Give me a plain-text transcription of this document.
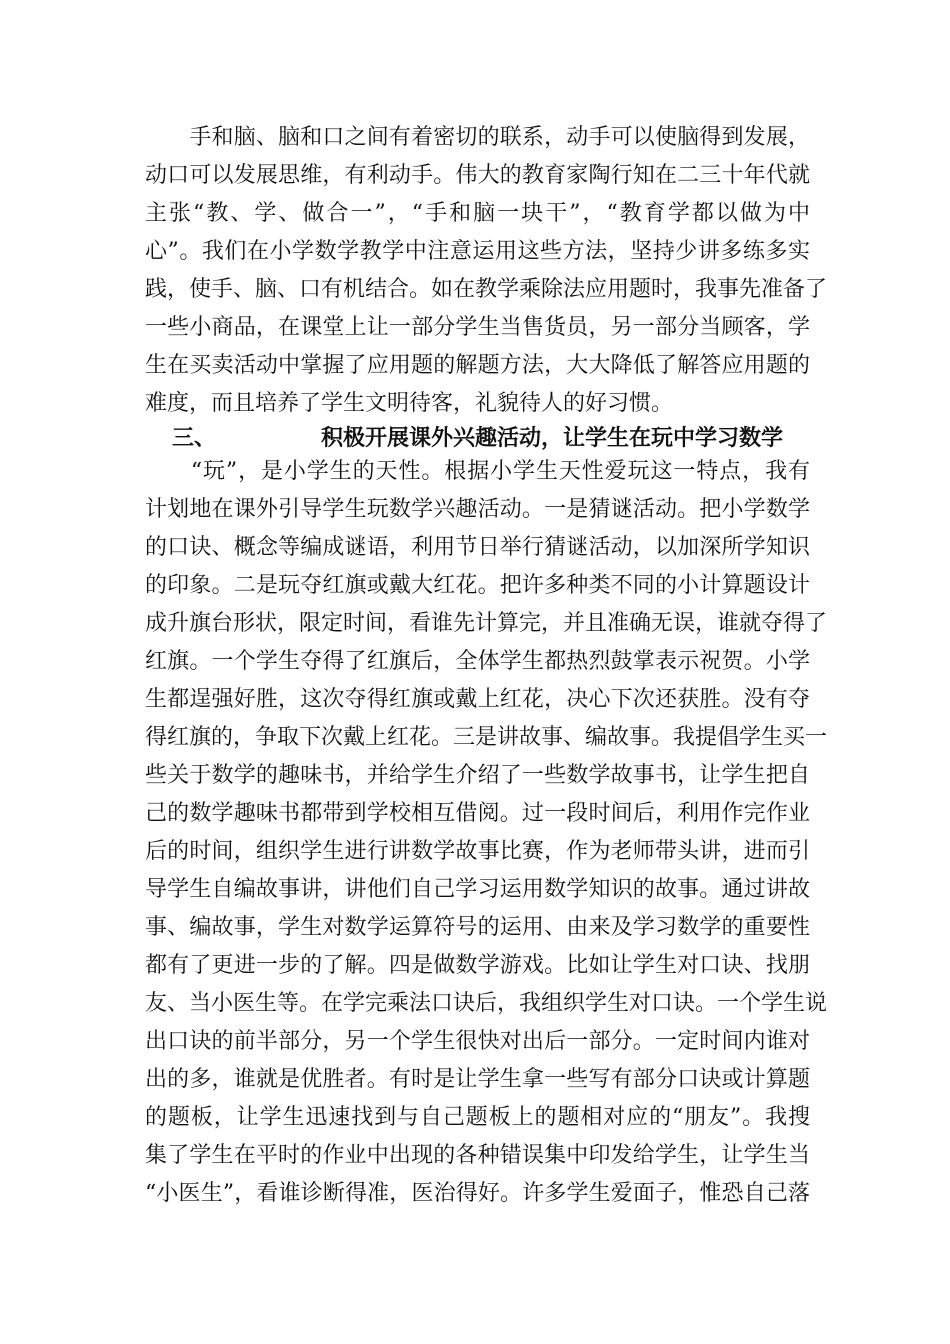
　　手和脑、脑和口之间有着密切的联系，动手可以使脑得到发展，
动口可以发展思维，有利动手。伟大的教育家陶行知在二三十年代就
主张“教、学、做合一”，“手和脑一块干”，“教育学都以做为中
心”。我们在小学数学教学中注意运用这些方法，坚持少讲多练多实
践，使手、脑、口有机结合。如在教学乘除法应用题时，我事先准备了
一些小商品，在课堂上让一部分学生当售货员，另一部分当顾客，学
生在买卖活动中掌握了应用题的解题方法，大大降低了解答应用题的
难度，而且培养了学生文明待客，礼貌待人的好习惯。
三、	积极开展课外兴趣活动，让学生在玩中学习数学
　　“玩”，是小学生的天性。根据小学生天性爱玩这一特点，我有
计划地在课外引导学生玩数学兴趣活动。一是猜谜活动。把小学数学
的口诀、概念等编成谜语，利用节日举行猜谜活动，以加深所学知识
的印象。二是玩夺红旗或戴大红花。把许多种类不同的小计算题设计
成升旗台形状，限定时间，看谁先计算完，并且准确无误，谁就夺得了
红旗。一个学生夺得了红旗后，全体学生都热烈鼓掌表示祝贺。小学
生都逞强好胜，这次夺得红旗或戴上红花，决心下次还获胜。没有夺
得红旗的，争取下次戴上红花。三是讲故事、编故事。我提倡学生买一
些关于数学的趣味书，并给学生介绍了一些数学故事书，让学生把自
己的数学趣味书都带到学校相互借阅。过一段时间后，利用作完作业
后的时间，组织学生进行讲数学故事比赛，作为老师带头讲，进而引
导学生自编故事讲，讲他们自己学习运用数学知识的故事。通过讲故
事、编故事，学生对数学运算符号的运用、由来及学习数学的重要性
都有了更进一步的了解。四是做数学游戏。比如让学生对口诀、找朋
友、当小医生等。在学完乘法口诀后，我组织学生对口诀。一个学生说
出口诀的前半部分，另一个学生很快对出后一部分。一定时间内谁对
出的多，谁就是优胜者。有时是让学生拿一些写有部分口诀或计算题
的题板，让学生迅速找到与自己题板上的题相对应的“朋友”。我搜
集了学生在平时的作业中出现的各种错误集中印发给学生，让学生当
“小医生”，看谁诊断得准，医治得好。许多学生爱面子，惟恐自己落
